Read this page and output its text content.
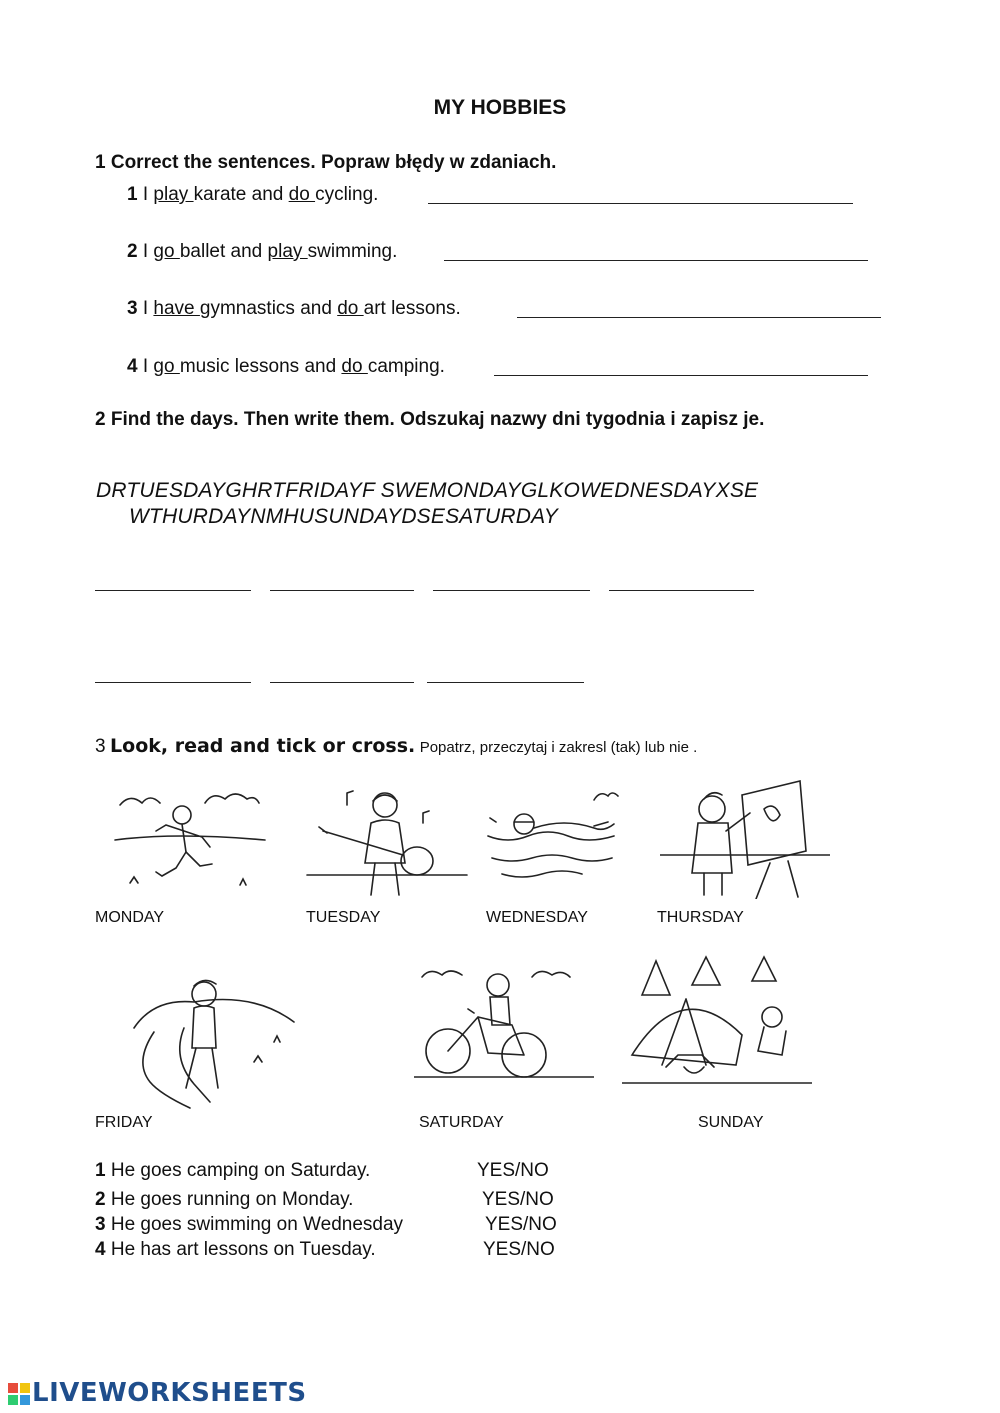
MY HOBBIES
1 Correct the sentences. Popraw błędy w zdaniach.
1 I play karate and do cycling.
2 I go ballet and play swimming.
3 I have gymnastics and do art lessons.
4 I go music lessons and do camping.
2 Find the days. Then write them. Odszukaj nazwy dni tygodnia i zapisz je.
DRTUESDAYGHRTFRIDAYF SWEMONDAYGLKOWEDNESDAYXSE
WTHURDAYNMHUSUNDAYDSESATURDAY
3 Look, read and tick or cross. Popatrz, przeczytaj i zakresl (tak) lub nie .
MONDAY	TUESDAY	WEDNESDAY	THURSDAY
FRIDAY	SATURDAY	SUNDAY
1 He goes camping on Saturday.	YES/NO
2 He goes running on Monday.	YES/NO
3 He goes swimming on Wednesday	YES/NO
4 He has art lessons on Tuesday.	YES/NO
LIVEWORKSHEETS
